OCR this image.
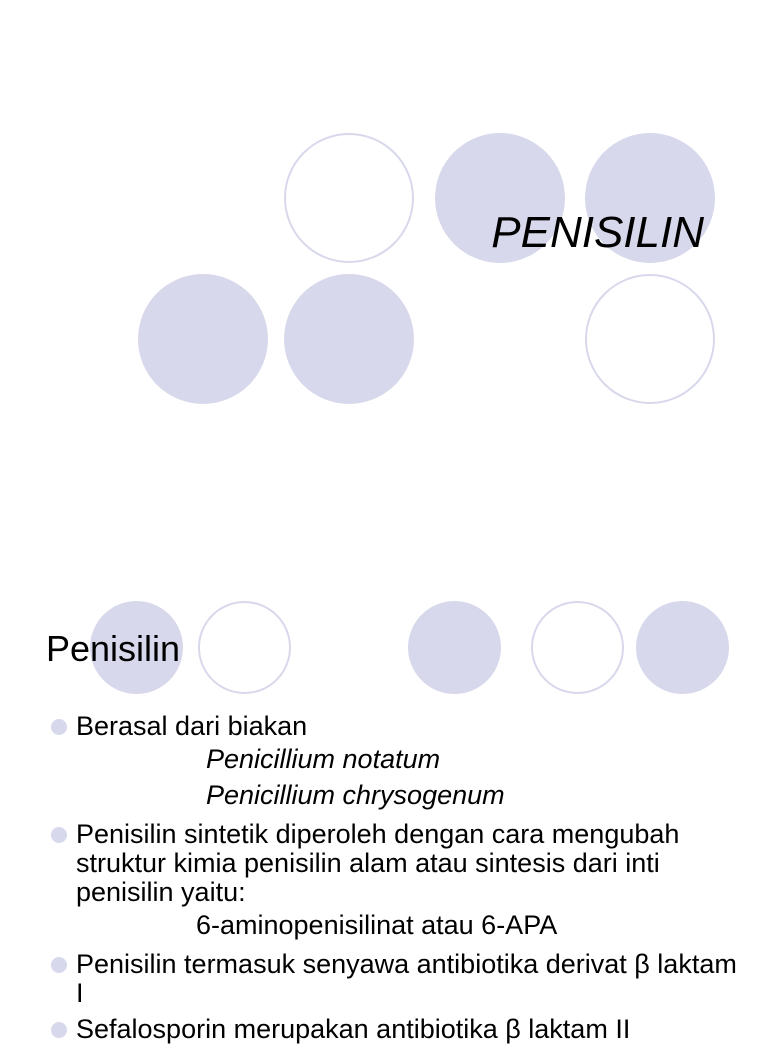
PENISILIN
Penisilin
Berasal dari biakan
Penicillium notatum
Penicillium chrysogenum
Penisilin sintetik diperoleh dengan cara mengubah struktur kimia penisilin alam atau sintesis dari inti penisilin yaitu:
6-aminopenisilinat atau 6-APA
Penisilin termasuk senyawa antibiotika derivat β laktam I
Sefalosporin merupakan antibiotika β laktam II
